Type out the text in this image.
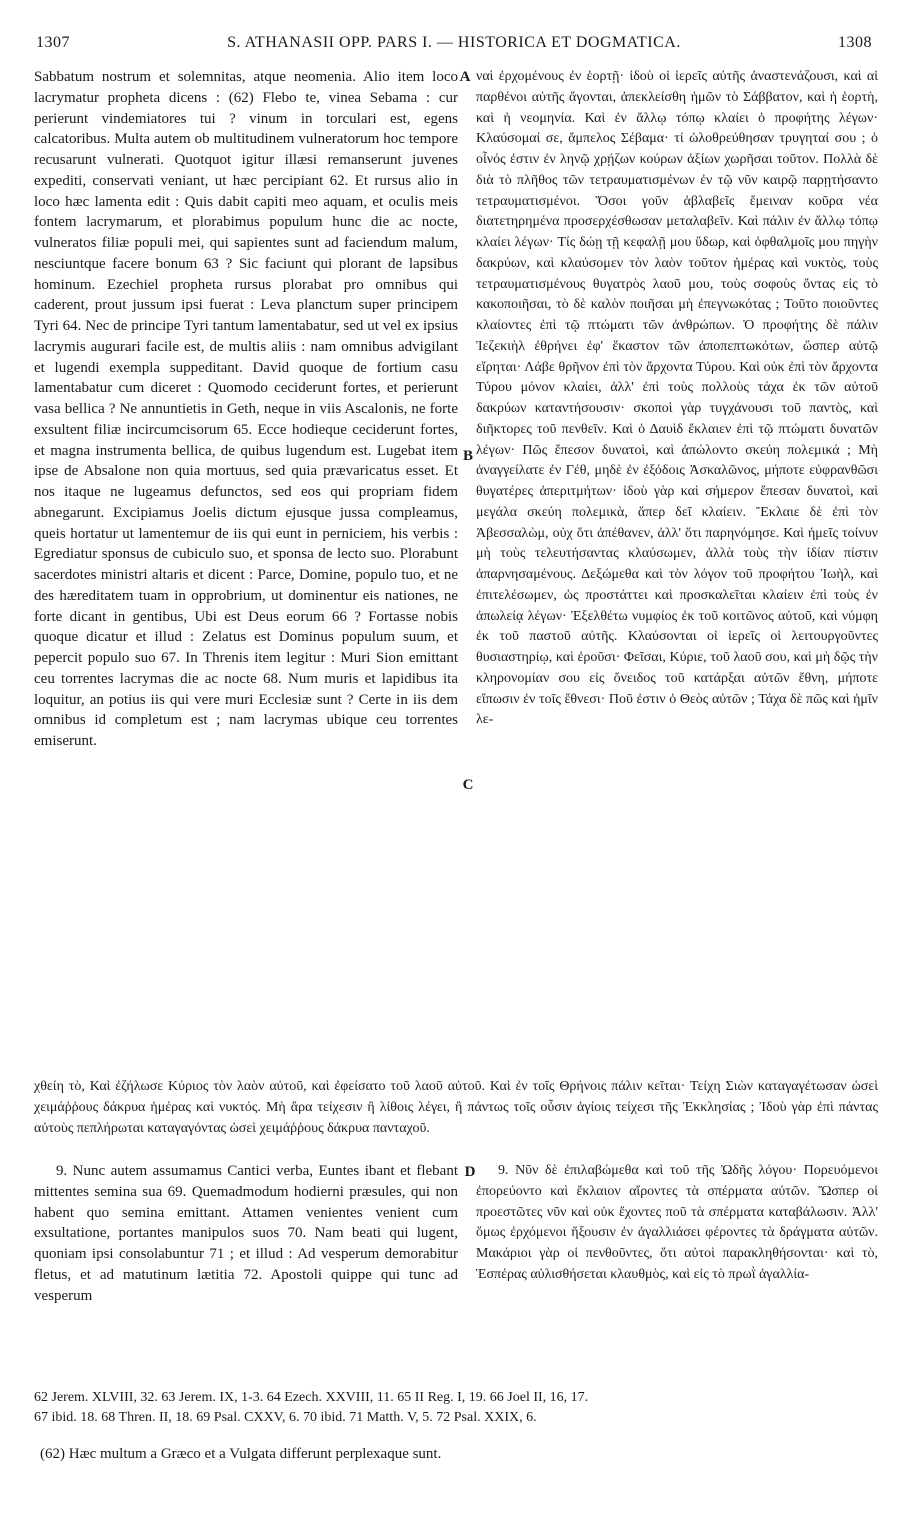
1307	S. ATHANASII OPP. PARS I. — HISTORICA ET DOGMATICA.	1308

Sabbatum nostrum et solemnitas, atque neomenia. Alio item loco lacrymatur propheta dicens : (62) Flebo te, vinea Sebama : cur perierunt vindemiatores tui ? vinum in torculari est, egens calcatoribus. Multa autem ob multitudinem vulneratorum hoc tempore recusarunt vulnerati. Quotquot igitur illæsi remanserunt juvenes expediti, conservati veniant, ut hæc percipiant 62. Et rursus alio in loco hæc lamenta edit : Quis dabit capiti meo aquam, et oculis meis fontem lacrymarum, et plorabimus populum hunc die ac nocte, vulneratos filiæ populi mei, qui sapientes sunt ad faciendum malum, nesciuntque facere bonum 63 ? Sic faciunt qui plorant de lapsibus hominum. Ezechiel propheta rursus plorabat pro omnibus qui caderent, prout jussum ipsi fuerat : Leva planctum super principem Tyri 64. Nec de principe Tyri tantum lamentabatur, sed ut vel ex ipsius lacrymis augurari facile est, de multis aliis : nam omnibus advigilant et lugendi exempla suppeditant. David quoque de fortium casu lamentabatur cum diceret : Quomodo ceciderunt fortes, et perierunt vasa bellica ? Ne annuntietis in Geth, neque in viis Ascalonis, ne forte exsultent filiæ incircumcisorum 65. Ecce hodieque ceciderunt fortes, et magna instrumenta bellica, de quibus lugendum est. Lugebat item ipse de Absalone non quia mortuus, sed quia prævaricatus esset. Et nos itaque ne lugeamus defunctos, sed eos qui propriam fidem abnegarunt. Excipiamus Joelis dictum ejusque jussa compleamus, queis hortatur ut lamentemur de iis qui eunt in perniciem, his verbis : Egrediatur sponsus de cubiculo suo, et sponsa de lecto suo. Plorabunt sacerdotes ministri altaris et dicent : Parce, Domine, populo tuo, et ne des hæreditatem tuam in opprobrium, ut dominentur eis nationes, ne forte dicant in gentibus, Ubi est Deus eorum 66 ? Fortasse nobis quoque dicatur et illud : Zelatus est Dominus populum suum, et pepercit populo suo 67. In Threnis item legitur : Muri Sion emittant ceu torrentes lacrymas die ac nocte 68. Num muris et lapidibus ita loquitur, an potius iis qui vere muri Ecclesiæ sunt ? Certe in iis dem omnibus id completum est ; nam lacrymas ubique ceu torrentes emiserunt.

ναὶ ἐρχομένους ἐν ἑορτῇ· ἰδοὺ οἱ ἱερεῖς αὐτῆς ἀναστενάζουσι, καὶ αἱ παρθένοι αὐτῆς ἄγονται, ἀπεκλείσθη ἡμῶν τὸ Σάββατον, καὶ ἡ ἑορτὴ, καὶ ἡ νεομηνία. Καὶ ἐν ἄλλῳ τόπῳ κλαίει ὁ προφήτης λέγων· Κλαύσομαί σε, ἄμπελος Σέβαμα· τί ὠλοθρεύθησαν τρυγηταί σου ; ὁ οἶνός ἐστιν ἐν ληνῷ χρῄζων κούρων ἀξίων χωρῆσαι τοῦτον. Πολλὰ δὲ διὰ τὸ πλῆθος τῶν τετραυματισμένων ἐν τῷ νῦν καιρῷ παρῃτήσαντο τετραυματισμένοι. Ὅσοι γοῦν ἀβλαβεῖς ἔμειναν κοῦρα νέα διατετηρημένα προσερχέσθωσαν μεταλαβεῖν. Καὶ πάλιν ἐν ἄλλῳ τόπῳ κλαίει λέγων· Τίς δώῃ τῇ κεφαλῇ μου ὕδωρ, καὶ ὀφθαλμοῖς μου πηγὴν δακρύων, καὶ κλαύσομεν τὸν λαὸν τοῦτον ἡμέρας καὶ νυκτὸς, τοὺς τετραυματισμένους θυγατρὸς λαοῦ μου, τοὺς σοφοὺς ὄντας εἰς τὸ κακοποιῆσαι, τὸ δὲ καλὸν ποιῆσαι μὴ ἐπεγνωκότας ; Τοῦτο ποιοῦντες κλαίοντες ἐπὶ τῷ πτώματι τῶν ἀνθρώπων. Ὁ προφήτης δὲ πάλιν Ἰεζεκιὴλ ἐθρήνει ἐφ' ἕκαστον τῶν ἀποπεπτωκότων, ὥσπερ αὐτῷ εἴρηται· Λάβε θρῆνον ἐπὶ τὸν ἄρχοντα Τύρου. Καὶ οὐκ ἐπὶ τὸν ἄρχοντα Τύρου μόνον κλαίει, ἀλλ' ἐπὶ τοὺς πολλοὺς τάχα ἐκ τῶν αὐτοῦ δακρύων καταντήσουσιν· σκοποὶ γὰρ τυγχάνουσι τοῦ παντὸς, καὶ διῆκτορες τοῦ πενθεῖν. Καὶ ὁ Δαυὶδ ἔκλαιεν ἐπὶ τῷ πτώματι δυνατῶν λέγων· Πῶς ἔπεσον δυνατοὶ, καὶ ἀπώλοντο σκεύη πολεμικά ; Μὴ ἀναγγείλατε ἐν Γέθ, μηδὲ ἐν ἐξόδοις Ἀσκαλῶνος, μήποτε εὐφρανθῶσι θυγατέρες ἀπεριτμήτων· ἰδοὺ γὰρ καὶ σήμερον ἔπεσαν δυνατοὶ, καὶ μεγάλα σκεύη πολεμικὰ, ἅπερ δεῖ κλαίειν. Ἔκλαιε δὲ ἐπὶ τὸν Ἀβεσσαλὼμ, οὐχ ὅτι ἀπέθανεν, ἀλλ' ὅτι παρηνόμησε. Καὶ ἡμεῖς τοίνυν μὴ τοὺς τελευτήσαντας κλαύσωμεν, ἀλλὰ τοὺς τὴν ἰδίαν πίστιν ἀπαρνησαμένους. Δεξώμεθα καὶ τὸν λόγον τοῦ προφήτου Ἰωὴλ, καὶ ἐπιτελέσωμεν, ὡς προστάττει καὶ προσκαλεῖται κλαίειν ἐπὶ τοὺς ἐν ἀπωλείᾳ λέγων· Ἐξελθέτω νυμφίος ἐκ τοῦ κοιτῶνος αὐτοῦ, καὶ νύμφη ἐκ τοῦ παστοῦ αὐτῆς. Κλαύσονται οἱ ἱερεῖς οἱ λειτουργοῦντες θυσιαστηρίῳ, καὶ ἐροῦσι· Φεῖσαι, Κύριε, τοῦ λαοῦ σου, καὶ μὴ δῷς τὴν κληρονομίαν σου εἰς ὄνειδος τοῦ κατάρξαι αὐτῶν ἔθνη, μήποτε εἴπωσιν ἐν τοῖς ἔθνεσι· Ποῦ ἐστιν ὁ Θεὸς αὐτῶν ; Τάχα δὲ πῶς καὶ ἡμῖν λε-

A
B
C

χθείη τὸ, Καὶ ἐζήλωσε Κύριος τὸν λαὸν αὐτοῦ, καὶ ἐφείσατο τοῦ λαοῦ αὐτοῦ. Καὶ ἐν τοῖς Θρήνοις πάλιν κεῖται· Τείχη Σιὼν καταγαγέτωσαν ὡσεὶ χειμάῤῥους δάκρυα ἡμέρας καὶ νυκτός. Μὴ ἄρα τείχεσιν ἢ λίθοις λέγει, ἢ πάντως τοῖς οὖσιν ἁγίοις τείχεσι τῆς Ἐκκλησίας ; Ἰδοὺ γὰρ ἐπὶ πάντας αὐτοὺς πεπλήρωται καταγαγόντας ὡσεὶ χειμάῤῥους δάκρυα πανταχοῦ.

9. Nunc autem assumamus Cantici verba, Euntes ibant et flebant mittentes semina sua 69. Quemadmodum hodierni præsules, qui non habent quo semina emittant. Attamen venientes venient cum exsultatione, portantes manipulos suos 70. Nam beati qui lugent, quoniam ipsi consolabuntur 71 ; et illud : Ad vesperum demorabitur fletus, et ad matutinum lætitia 72. Apostoli quippe qui tunc ad vesperum

D	9. Νῦν δὲ ἐπιλαβώμεθα καὶ τοῦ τῆς Ὠδῆς λόγου· Πορευόμενοι ἐπορεύοντο καὶ ἔκλαιον αἴροντες τὰ σπέρματα αὐτῶν. Ὥσπερ οἱ προεστῶτες νῦν καὶ οὐκ ἔχοντες ποῦ τὰ σπέρματα καταβάλωσιν. Ἀλλ' ὅμως ἐρχόμενοι ἥξουσιν ἐν ἀγαλλιάσει φέροντες τὰ δράγματα αὐτῶν. Μακάριοι γὰρ οἱ πενθοῦντες, ὅτι αὐτοὶ παρακληθήσονται· καὶ τὸ, Ἑσπέρας αὐλισθήσεται κλαυθμὸς, καὶ εἰς τὸ πρωῒ ἀγαλλία-

62 Jerem. XLVIII, 32. 63 Jerem. IX, 1-3. 64 Ezech. XXVIII, 11. 65 II Reg. I, 19. 66 Joel II, 16, 17.

67 ibid. 18. 68 Thren. II, 18. 69 Psal. CXXV, 6. 70 ibid. 71 Matth. V, 5. 72 Psal. XXIX, 6.

(62) Hæc multum a Græco et a Vulgata differunt perplexaque sunt.
